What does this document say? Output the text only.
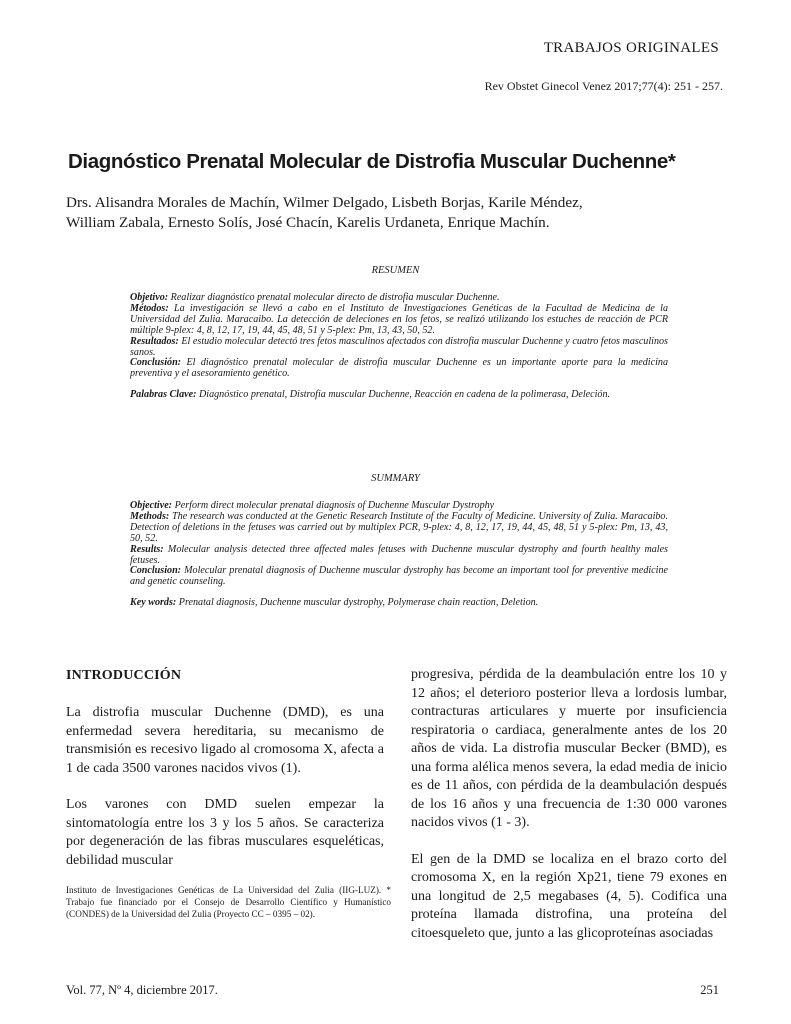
TRABAJOS ORIGINALES
Rev Obstet Ginecol Venez 2017;77(4): 251 - 257.
Diagnóstico Prenatal Molecular de Distrofia Muscular Duchenne*
Drs. Alisandra Morales de Machín, Wilmer Delgado, Lisbeth Borjas, Karile Méndez,
William Zabala, Ernesto Solís, José Chacín, Karelis Urdaneta, Enrique Machín.
RESUMEN

Objetivo: Realizar diagnóstico prenatal molecular directo de distrofia muscular Duchenne.

Métodos: La investigación se llevó a cabo en el Instituto de Investigaciones Genéticas de la Facultad de Medicina de la Universidad del Zulia. Maracaibo. La detección de deleciones en los fetos, se realizó utilizando los estuches de reacción de PCR múltiple 9-plex: 4, 8, 12, 17, 19, 44, 45, 48, 51 y 5-plex: Pm, 13, 43, 50, 52.

Resultados: El estudio molecular detectó tres fetos masculinos afectados con distrofia muscular Duchenne y cuatro fetos masculinos sanos.

Conclusión: El diagnóstico prenatal molecular de distrofia muscular Duchenne es un importante aporte para la medicina preventiva y el asesoramiento genético.

Palabras Clave: Diagnóstico prenatal, Distrofia muscular Duchenne, Reacción en cadena de la polimerasa, Deleción.

SUMMARY

Objective: Perform direct molecular prenatal diagnosis of Duchenne Muscular Dystrophy

Methods: The research was conducted at the Genetic Research Institute of the Faculty of Medicine. University of Zulia. Maracaibo. Detection of deletions in the fetuses was carried out by multiplex PCR, 9-plex: 4, 8, 12, 17, 19, 44, 45, 48, 51 y 5-plex: Pm, 13, 43, 50, 52.

Results: Molecular analysis detected three affected males fetuses with Duchenne muscular dystrophy and fourth healthy males fetuses.

Conclusion: Molecular prenatal diagnosis of Duchenne muscular dystrophy has become an important tool for preventive medicine and genetic counseling.

Key words: Prenatal diagnosis, Duchenne muscular dystrophy, Polymerase chain reaction, Deletion.

INTRODUCCIÓN

La distrofia muscular Duchenne (DMD), es una enfermedad severa hereditaria, su mecanismo de transmisión es recesivo ligado al cromosoma X, afecta a 1 de cada 3500 varones nacidos vivos (1).

Los varones con DMD suelen empezar la sintomatología entre los 3 y los 5 años. Se caracteriza por degeneración de las fibras musculares esqueléticas, debilidad muscular

progresiva, pérdida de la deambulación entre los 10 y 12 años; el deterioro posterior lleva a lordosis lumbar, contracturas articulares y muerte por insuficiencia respiratoria o cardiaca, generalmente antes de los 20 años de vida. La distrofia muscular Becker (BMD), es una forma alélica menos severa, la edad media de inicio es de 11 años, con pérdida de la deambulación después de los 16 años y una frecuencia de 1:30 000 varones nacidos vivos (1 - 3).

El gen de la DMD se localiza en el brazo corto del cromosoma X, en la región Xp21, tiene 79 exones en una longitud de 2,5 megabases (4, 5). Codifica una proteína llamada distrofina, una proteína del citoesqueleto que, junto a las glicoproteínas asociadas

Instituto de Investigaciones Genéticas de La Universidad del Zulia (IIG-LUZ). * Trabajo fue financiado por el Consejo de Desarrollo Científico y Humanístico (CONDES) de la Universidad del Zulia (Proyecto CC – 0395 – 02).
Vol. 77, Nº 4, diciembre 2017.	251
